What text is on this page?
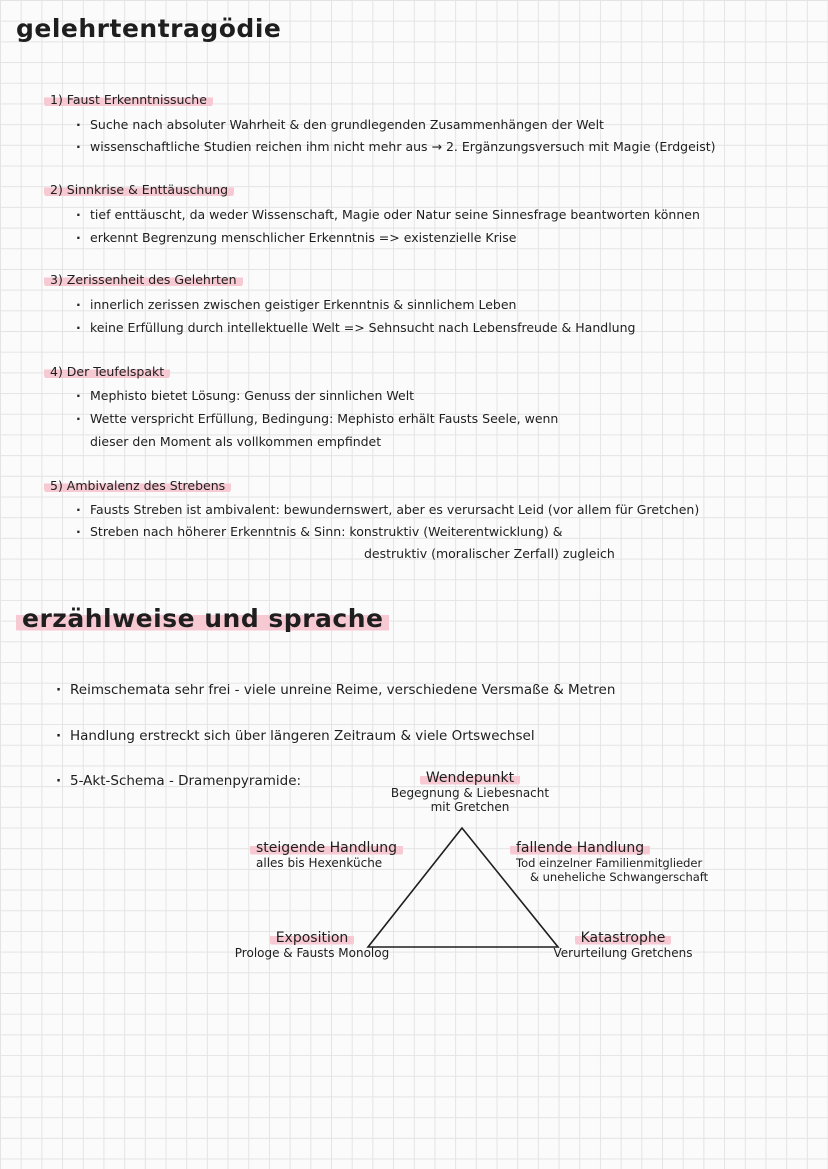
gelehrtentragödie
1) Faust Erkenntnissuche
· Suche nach absoluter Wahrheit & den grundlegenden Zusammenhängen der Welt
· wissenschaftliche Studien reichen ihm nicht mehr aus → 2. Ergänzungsversuch mit Magie (Erdgeist)
2) Sinnkrise & Enttäuschung
· tief enttäuscht, da weder Wissenschaft, Magie oder Natur seine Sinnesfrage beantworten können
· erkennt Begrenzung menschlicher Erkenntnis => existenzielle Krise
3) Zerissenheit des Gelehrten
· innerlich zerissen zwischen geistiger Erkenntnis & sinnlichem Leben
· keine Erfüllung durch intellektuelle Welt => Sehnsucht nach Lebensfreude & Handlung
4) Der Teufelspakt
· Mephisto bietet Lösung: Genuss der sinnlichen Welt
· Wette verspricht Erfüllung, Bedingung: Mephisto erhält Fausts Seele, wenn
dieser den Moment als vollkommen empfindet
5) Ambivalenz des Strebens
· Fausts Streben ist ambivalent: bewundernswert, aber es verursacht Leid (vor allem für Gretchen)
· Streben nach höherer Erkenntnis & Sinn: konstruktiv (Weiterentwicklung) &
destruktiv (moralischer Zerfall) zugleich
erzählweise und sprache
· Reimschemata sehr frei - viele unreine Reime, verschiedene Versmaße & Metren
· Handlung erstreckt sich über längeren Zeitraum & viele Ortswechsel
· 5-Akt-Schema - Dramenpyramide:	Wendepunkt
Begegnung & Liebesnacht
mit Gretchen
steigende Handlung
alles bis Hexenküche
fallende Handlung
Tod einzelner Familienmitglieder
& uneheliche Schwangerschaft
Exposition
Prologe & Fausts Monolog
Katastrophe
Verurteilung Gretchens
